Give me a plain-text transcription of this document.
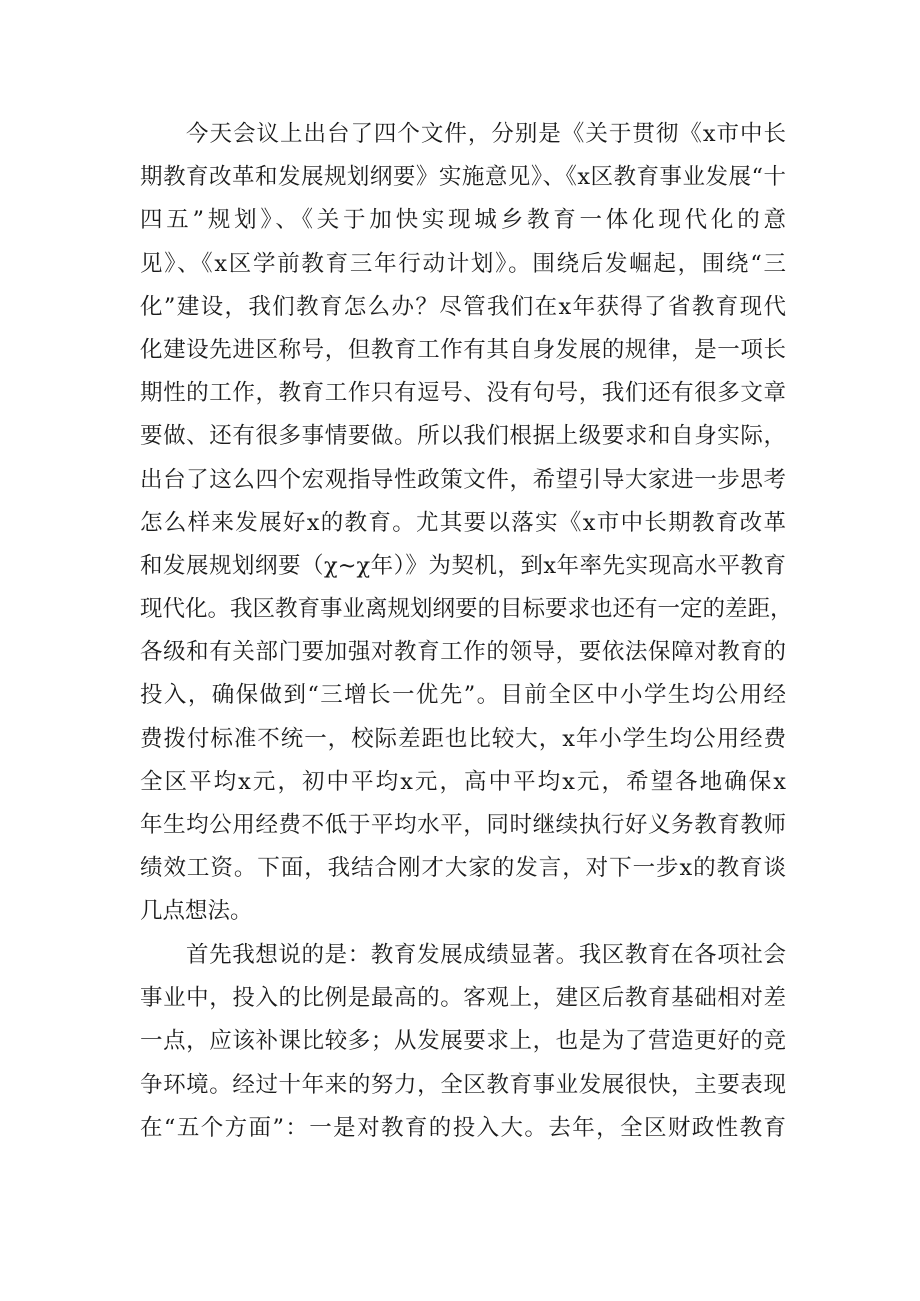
今天会议上出台了四个文件，分别是《关于贯彻《x市中长
期教育改革和发展规划纲要》实施意见》、《x区教育事业发展“十
四五”规划》、《关于加快实现城乡教育一体化现代化的意
见》、《x区学前教育三年行动计划》。围绕后发崛起，围绕“三
化”建设，我们教育怎么办？尽管我们在x年获得了省教育现代
化建设先进区称号，但教育工作有其自身发展的规律，是一项长
期性的工作，教育工作只有逗号、没有句号，我们还有很多文章
要做、还有很多事情要做。所以我们根据上级要求和自身实际，
出台了这么四个宏观指导性政策文件，希望引导大家进一步思考
怎么样来发展好x的教育。尤其要以落实《x市中长期教育改革
和发展规划纲要（χ~χ年）》为契机，到x年率先实现高水平教育
现代化。我区教育事业离规划纲要的目标要求也还有一定的差距，
各级和有关部门要加强对教育工作的领导，要依法保障对教育的
投入，确保做到“三增长一优先”。目前全区中小学生均公用经
费拨付标准不统一，校际差距也比较大，x年小学生均公用经费
全区平均x元，初中平均x元，高中平均x元，希望各地确保x
年生均公用经费不低于平均水平，同时继续执行好义务教育教师
绩效工资。下面，我结合刚才大家的发言，对下一步x的教育谈
几点想法。
首先我想说的是：教育发展成绩显著。我区教育在各项社会
事业中，投入的比例是最高的。客观上，建区后教育基础相对差
一点，应该补课比较多；从发展要求上，也是为了营造更好的竞
争环境。经过十年来的努力，全区教育事业发展很快，主要表现
在“五个方面”：一是对教育的投入大。去年，全区财政性教育
